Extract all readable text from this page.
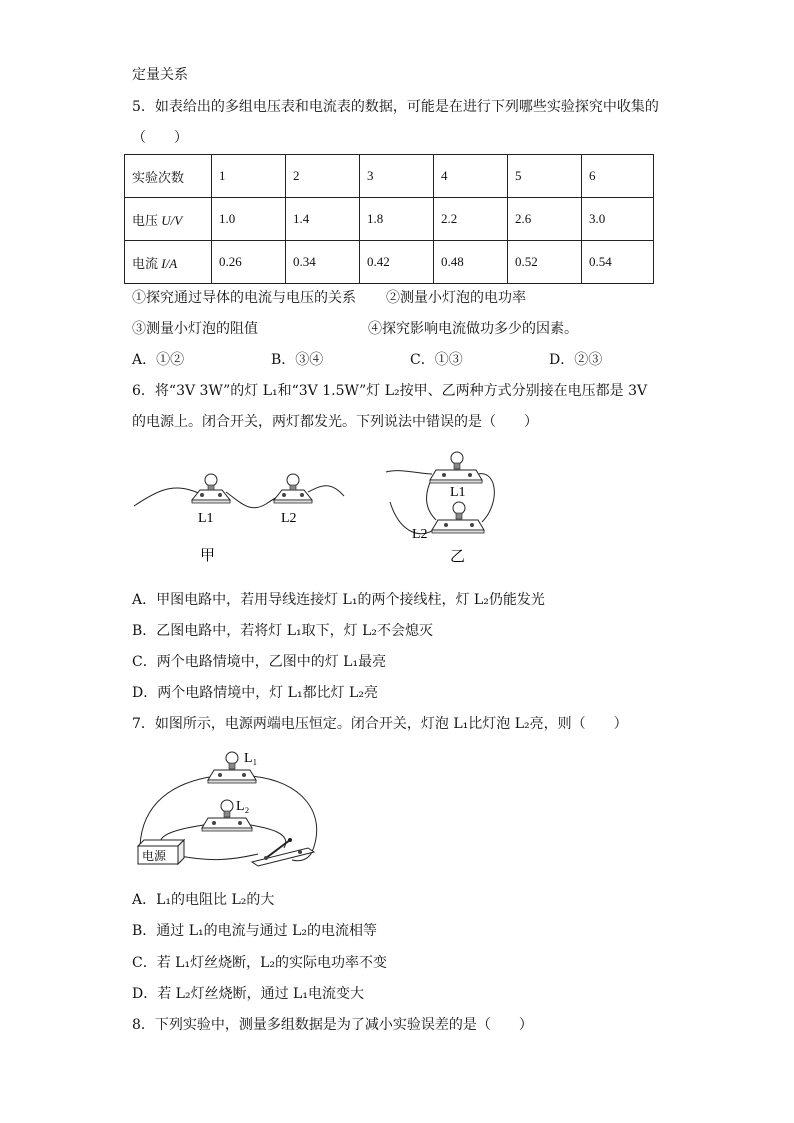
定量关系
5．如表给出的多组电压表和电流表的数据，可能是在进行下列哪些实验探究中收集的
（　　）
实验次数	1	2	3	4	5	6
电压 U/V	1.0	1.4	1.8	2.2	2.6	3.0
电流 I/A	0.26	0.34	0.42	0.48	0.52	0.54
①探究通过导体的电流与电压的关系 ②测量小灯泡的电功率
③测量小灯泡的阻值	④探究影响电流做功多少的因素。
A．①②	B．③④	C．①③	D．②③
6．将“3V 3W”的灯 L₁和“3V 1.5W”灯 L₂按甲、乙两种方式分别接在电压都是 3V
的电源上。闭合开关，两灯都发光。下列说法中错误的是（　　）
L1	L2
甲
L1
L2
乙
A．甲图电路中，若用导线连接灯 L₁的两个接线柱，灯 L₂仍能发光
B．乙图电路中，若将灯 L₁取下，灯 L₂不会熄灭
C．两个电路情境中，乙图中的灯 L₁最亮
D．两个电路情境中，灯 L₁都比灯 L₂亮
7．如图所示，电源两端电压恒定。闭合开关，灯泡 L₁比灯泡 L₂亮，则（　　）
电源
L₁
L₂
A．L₁的电阻比 L₂的大
B．通过 L₁的电流与通过 L₂的电流相等
C．若 L₁灯丝烧断，L₂的实际电功率不变
D．若 L₂灯丝烧断，通过 L₁电流变大
8．下列实验中，测量多组数据是为了减小实验误差的是（　　）
